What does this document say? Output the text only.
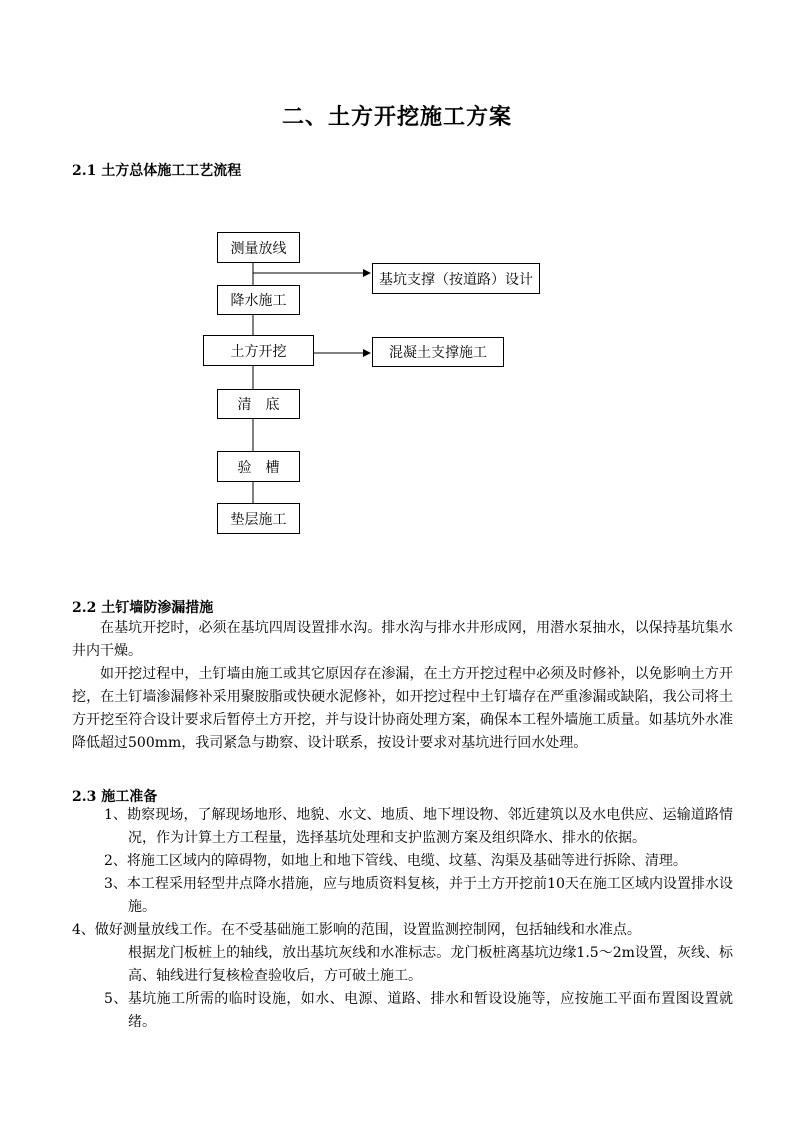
二、土方开挖施工方案
2.1 土方总体施工工艺流程
测量放线
降水施工
土方开挖
清　底
验　槽
垫层施工
基坑支撑（按道路）设计
混凝土支撑施工
2.2 土钉墙防渗漏措施

在基坑开挖时，必须在基坑四周设置排水沟。排水沟与排水井形成网，用潜水泵抽水，以保持基坑集水井内干燥。

如开挖过程中，土钉墙由施工或其它原因存在渗漏，在土方开挖过程中必须及时修补，以免影响土方开挖，在土钉墙渗漏修补采用聚胺脂或快硬水泥修补，如开挖过程中土钉墙存在严重渗漏或缺陷，我公司将土方开挖至符合设计要求后暂停土方开挖，并与设计协商处理方案，确保本工程外墙施工质量。如基坑外水准降低超过500mm，我司紧急与勘察、设计联系，按设计要求对基坑进行回水处理。

2.3 施工准备

1、勘察现场，了解现场地形、地貌、水文、地质、地下埋设物、邻近建筑以及水电供应、运输道路情况，作为计算土方工程量，选择基坑处理和支护监测方案及组织降水、排水的依据。

2、将施工区域内的障碍物，如地上和地下管线、电缆、坟墓、沟渠及基础等进行拆除、清理。

3、本工程采用轻型井点降水措施，应与地质资料复核，并于土方开挖前10天在施工区域内设置排水设施。

4、做好测量放线工作。在不受基础施工影响的范围，设置监测控制网，包括轴线和水准点。

根据龙门板桩上的轴线，放出基坑灰线和水准标志。龙门板桩离基坑边缘1.5～2m设置，灰线、标高、轴线进行复核检查验收后，方可破土施工。

5、基坑施工所需的临时设施，如水、电源、道路、排水和暂设设施等，应按施工平面布置图设置就绪。
